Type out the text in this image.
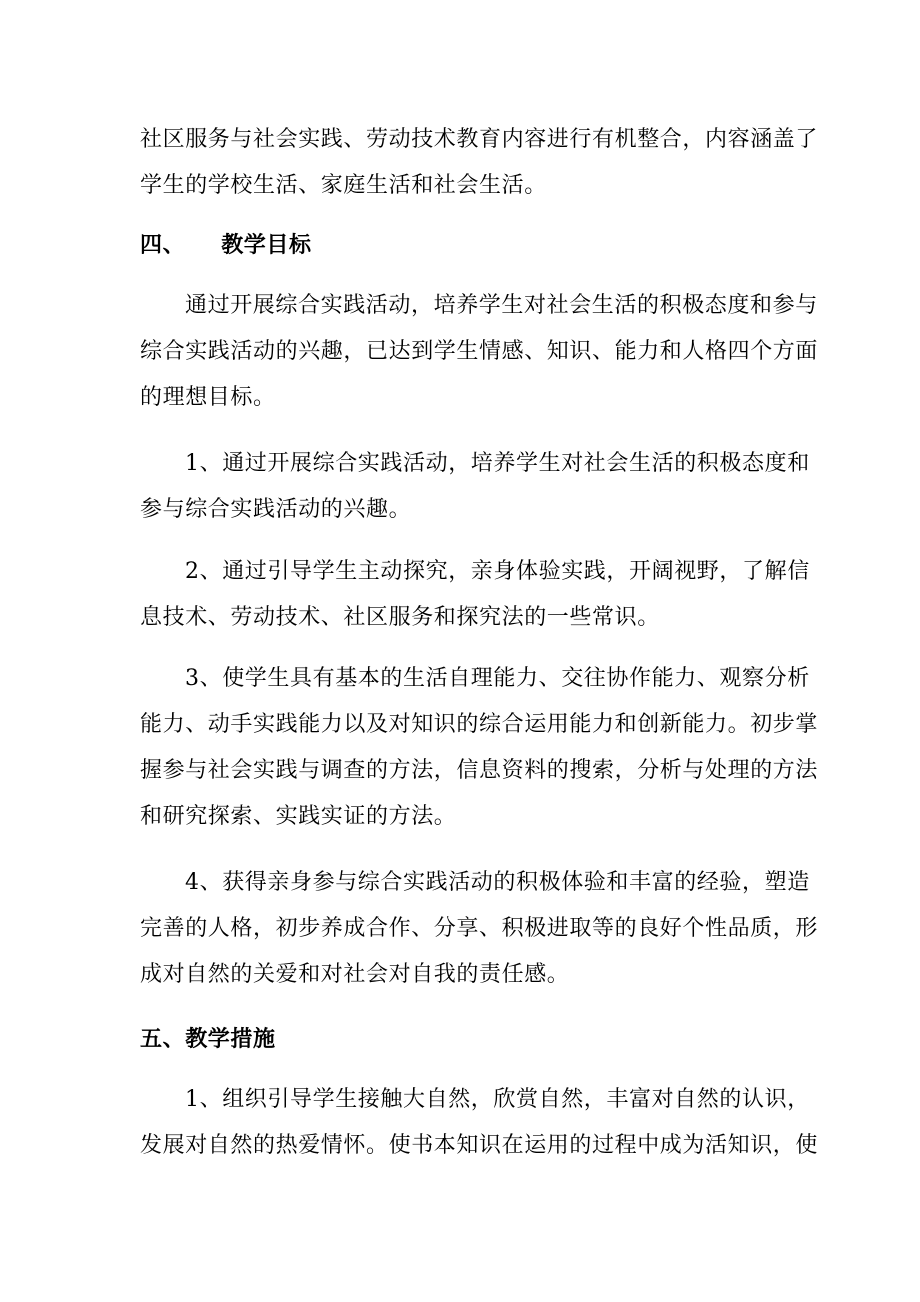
社区服务与社会实践、劳动技术教育内容进行有机整合，内容涵盖了
学生的学校生活、家庭生活和社会生活。

四、 教学目标

通过开展综合实践活动，培养学生对社会生活的积极态度和参与
综合实践活动的兴趣，已达到学生情感、知识、能力和人格四个方面
的理想目标。

1、通过开展综合实践活动，培养学生对社会生活的积极态度和
参与综合实践活动的兴趣。

2、通过引导学生主动探究，亲身体验实践，开阔视野，了解信
息技术、劳动技术、社区服务和探究法的一些常识。

3、使学生具有基本的生活自理能力、交往协作能力、观察分析
能力、动手实践能力以及对知识的综合运用能力和创新能力。初步掌
握参与社会实践与调查的方法，信息资料的搜索，分析与处理的方法
和研究探索、实践实证的方法。

4、获得亲身参与综合实践活动的积极体验和丰富的经验，塑造
完善的人格，初步养成合作、分享、积极进取等的良好个性品质，形
成对自然的关爱和对社会对自我的责任感。

五、教学措施

1、组织引导学生接触大自然，欣赏自然，丰富对自然的认识，
发展对自然的热爱情怀。使书本知识在运用的过程中成为活知识，使
